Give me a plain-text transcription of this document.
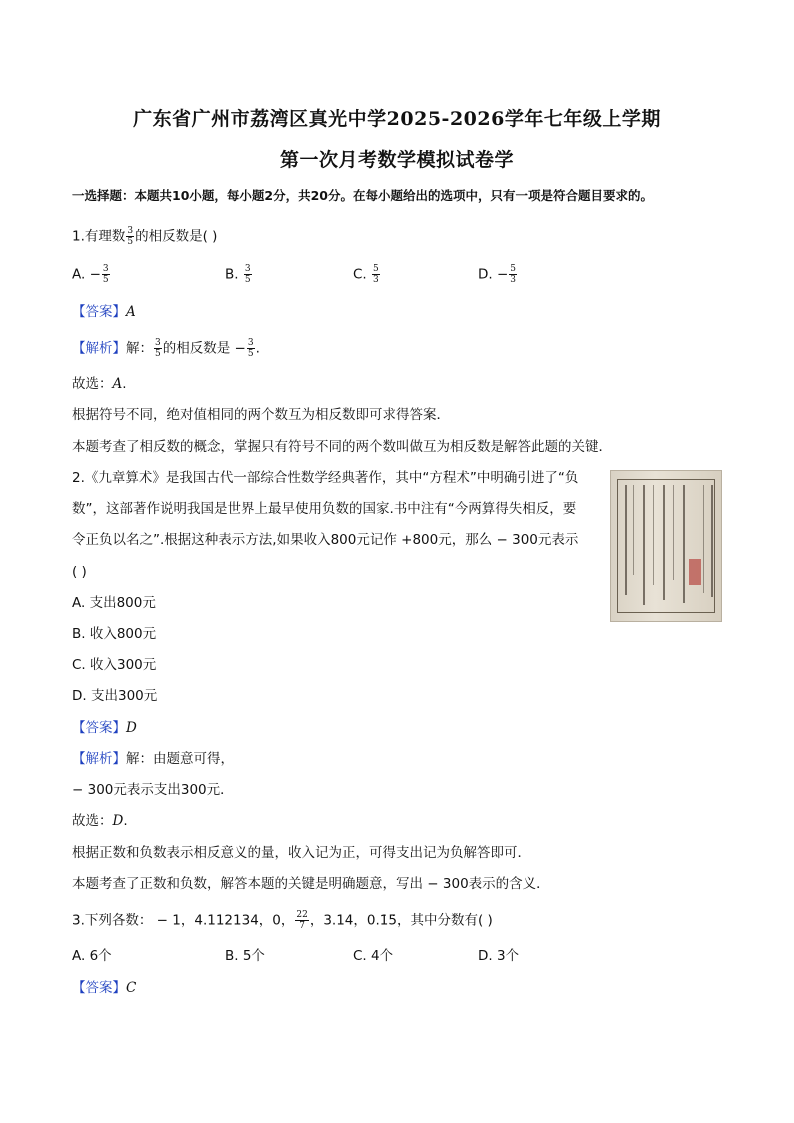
广东省广州市荔湾区真光中学2025-2026学年七年级上学期
第一次月考数学模拟试卷学
一选择题：本题共10小题，每小题2分，共20分。在每小题给出的选项中，只有一项是符合题目要求的。
1.有理数 $\frac{3}{5}$ 的相反数是( )
A. − $\frac{3}{5}$	B. $\frac{3}{5}$	C. $\frac{5}{3}$	D. − $\frac{5}{3}$
【答案】A
【解析】解： $\frac{3}{5}$ 的相反数是 − $\frac{3}{5}$ .
故选：A.
根据符号不同，绝对值相同的两个数互为相反数即可求得答案．
本题考查了相反数的概念，掌握只有符号不同的两个数叫做互为相反数是解答此题的关键．
2.《九章算术》是我国古代一部综合性数学经典著作，其中“方程术”中明确引进了“负
数”，这部著作说明我国是世界上最早使用负数的国家.书中注有“今两算得失相反，要
令正负以名之”.根据这种表示方法,如果收入800元记作 +800元，那么 − 300元表示
( )
A. 支出800元
B. 收入800元
C. 收入300元
D. 支出300元
【答案】D
【解析】解：由题意可得，
− 300元表示支出300元．
故选：D.
根据正数和负数表示相反意义的量，收入记为正，可得支出记为负解答即可．
本题考查了正数和负数，解答本题的关键是明确题意，写出 − 300表示的含义．
3.下列各数： − 1，4.112134，0， $\frac{22}{7}$ ，3.14，0.1̇5̇，其中分数有( )
A. 6个	B. 5个	C. 4个	D. 3个
【答案】C
